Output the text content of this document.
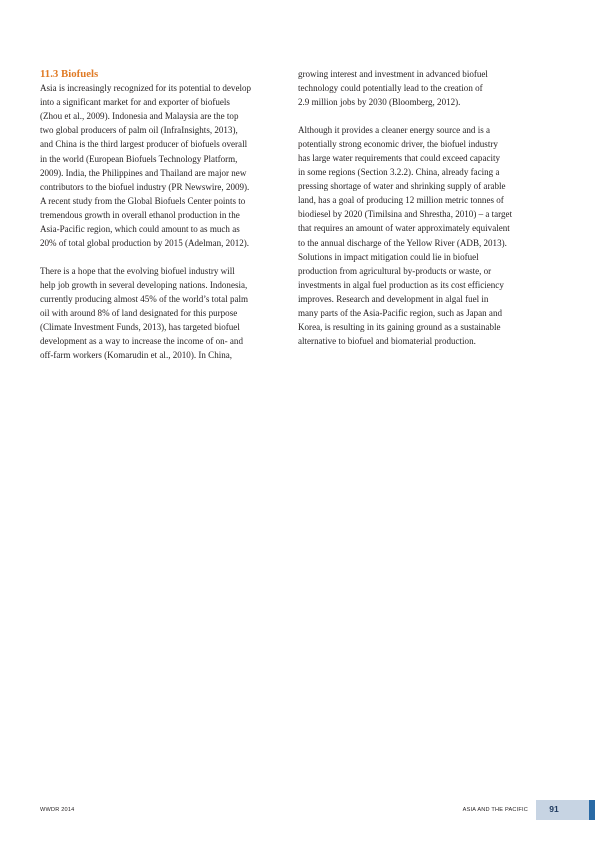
11.3 Biofuels

Asia is increasingly recognized for its potential to develop
into a significant market for and exporter of biofuels
(Zhou et al., 2009). Indonesia and Malaysia are the top
two global producers of palm oil (InfraInsights, 2013),
and China is the third largest producer of biofuels overall
in the world (European Biofuels Technology Platform,
2009). India, the Philippines and Thailand are major new
contributors to the biofuel industry (PR Newswire, 2009).
A recent study from the Global Biofuels Center points to
tremendous growth in overall ethanol production in the
Asia-Pacific region, which could amount to as much as
20% of total global production by 2015 (Adelman, 2012).

There is a hope that the evolving biofuel industry will
help job growth in several developing nations. Indonesia,
currently producing almost 45% of the world’s total palm
oil with around 8% of land designated for this purpose
(Climate Investment Funds, 2013), has targeted biofuel
development as a way to increase the income of on- and
off-farm workers (Komarudin et al., 2010). In China,

growing interest and investment in advanced biofuel
technology could potentially lead to the creation of
2.9 million jobs by 2030 (Bloomberg, 2012).

Although it provides a cleaner energy source and is a
potentially strong economic driver, the biofuel industry
has large water requirements that could exceed capacity
in some regions (Section 3.2.2). China, already facing a
pressing shortage of water and shrinking supply of arable
land, has a goal of producing 12 million metric tonnes of
biodiesel by 2020 (Timilsina and Shrestha, 2010) – a target
that requires an amount of water approximately equivalent
to the annual discharge of the Yellow River (ADB, 2013).
Solutions in impact mitigation could lie in biofuel
production from agricultural by-products or waste, or
investments in algal fuel production as its cost efficiency
improves. Research and development in algal fuel in
many parts of the Asia-Pacific region, such as Japan and
Korea, is resulting in its gaining ground as a sustainable
alternative to biofuel and biomaterial production.

WWDR 2014	ASIA AND THE PACIFIC	91
